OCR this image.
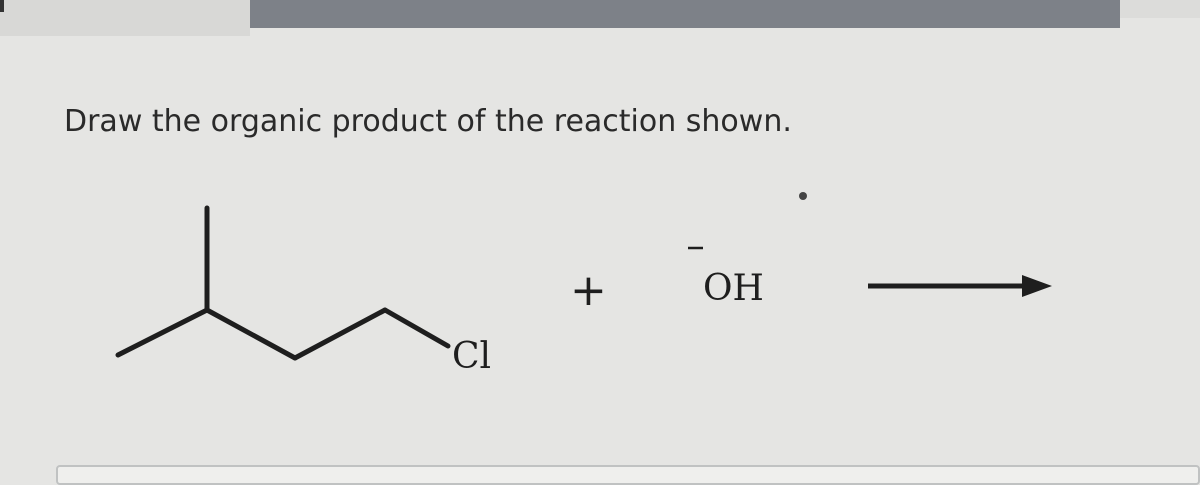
Draw the organic product of the reaction shown.
Cl
+	OH
